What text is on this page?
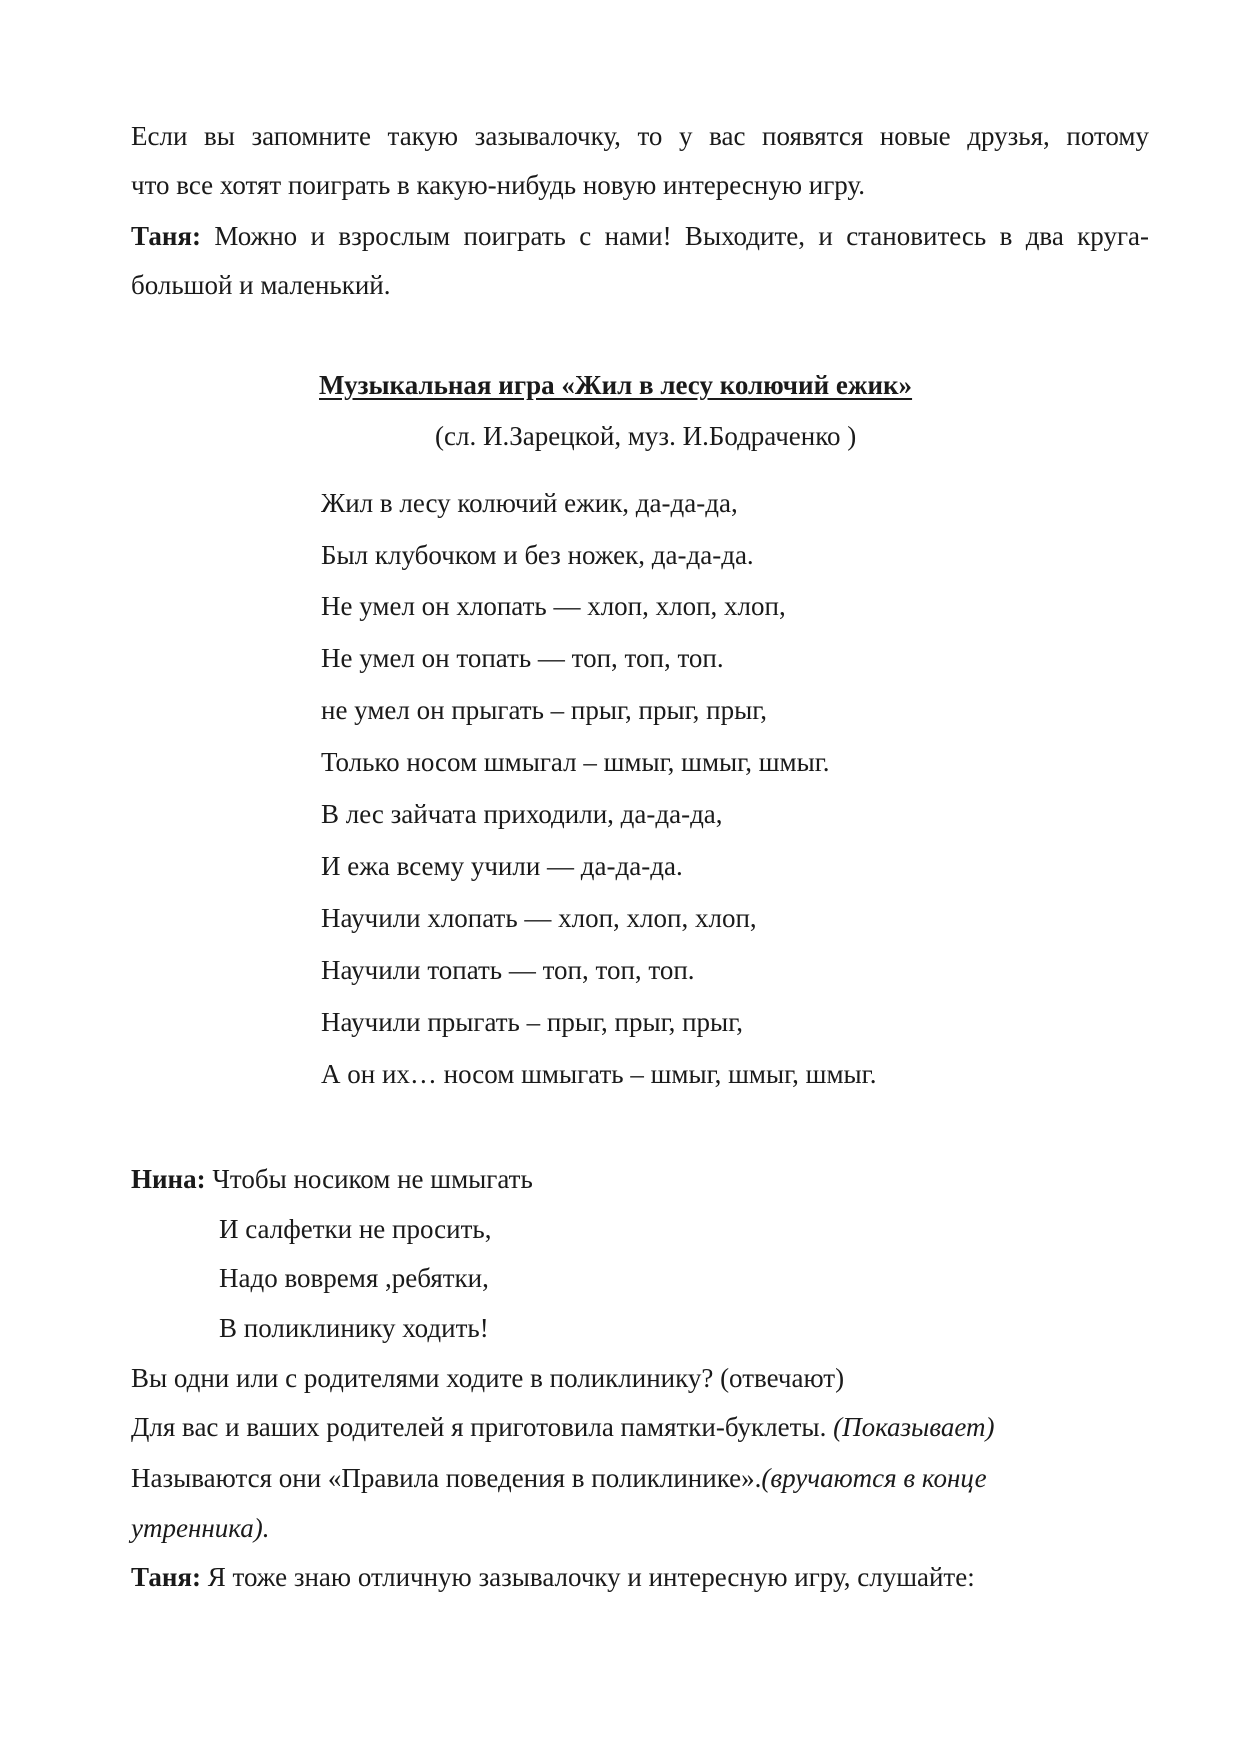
Если вы запомните такую зазывалочку, то у вас появятся новые друзья, потому
что все хотят поиграть в какую-нибудь новую интересную игру.
Таня: Можно и взрослым поиграть с нами! Выходите, и становитесь в два круга-
большой и маленький.
Музыкальная игра «Жил в лесу колючий ежик»
(сл. И.Зарецкой, муз. И.Бодраченко )
Жил в лесу колючий ежик, да-да-да,
Был клубочком и без ножек, да-да-да.
Не умел он хлопать — хлоп, хлоп, хлоп,
Не умел он топать — топ, топ, топ.
не умел он прыгать – прыг, прыг, прыг,
Только носом шмыгал – шмыг, шмыг, шмыг.
В лес зайчата приходили, да-да-да,
И ежа всему учили — да-да-да.
Научили хлопать — хлоп, хлоп, хлоп,
Научили топать — топ, топ, топ.
Научили прыгать – прыг, прыг, прыг,
А он их… носом шмыгать – шмыг, шмыг, шмыг.
Нина: Чтобы носиком не шмыгать
И салфетки не просить,
Надо вовремя ,ребятки,
В поликлинику ходить!
Вы одни или с родителями ходите в поликлинику? (отвечают)
Для вас и ваших родителей я приготовила памятки-буклеты. (Показывает)
Называются они «Правила поведения в поликлинике».(вручаются в конце
утренника).
Таня: Я тоже знаю отличную зазывалочку и интересную игру, слушайте:
